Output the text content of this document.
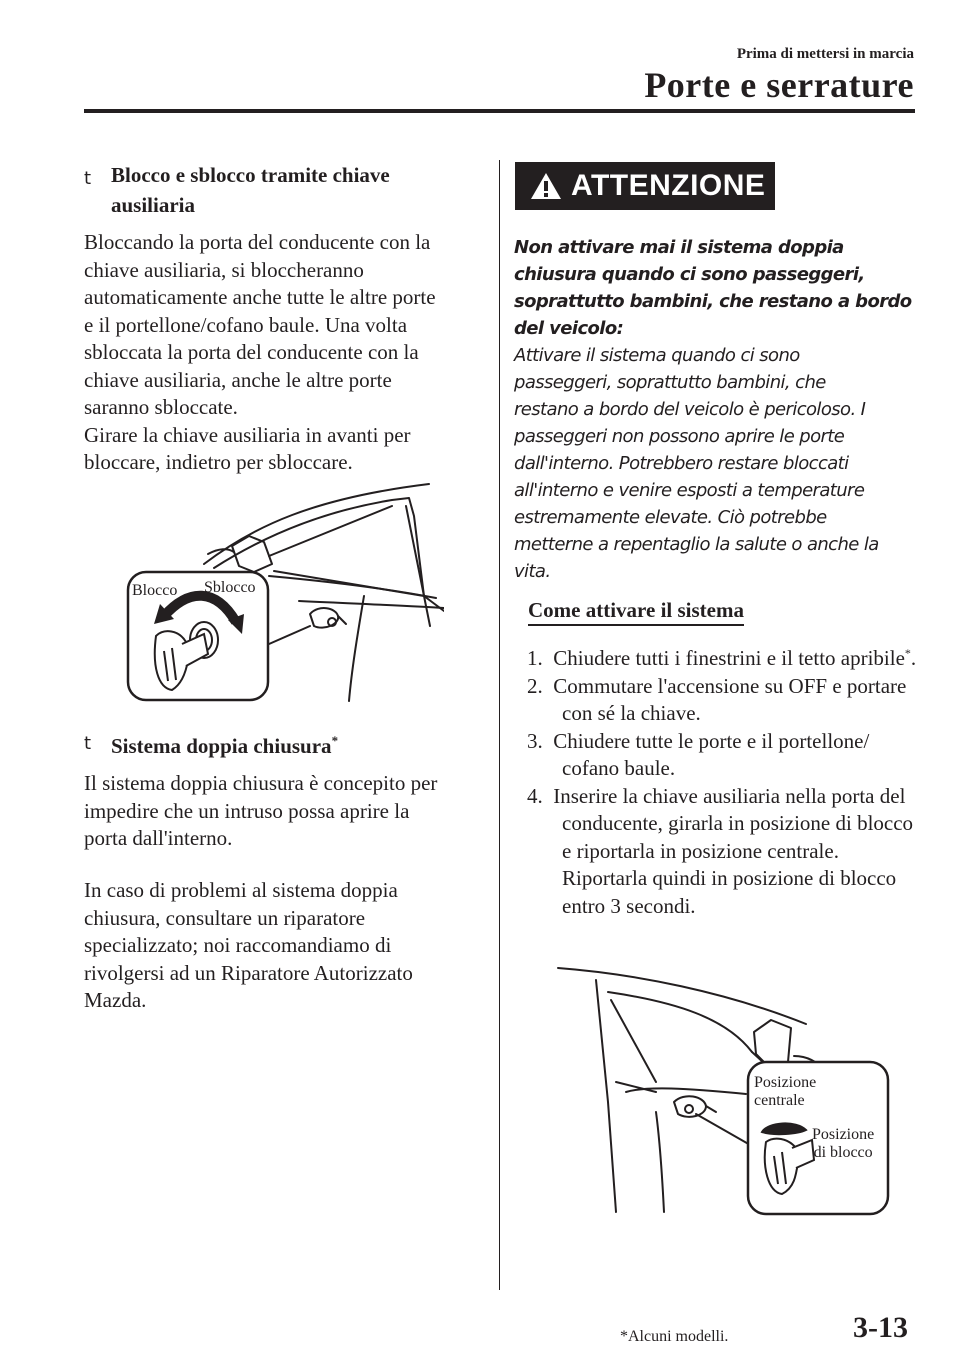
Prima di mettersi in marcia
Porte e serrature
t Blocco e sblocco tramite chiave
ausiliaria
Bloccando la porta del conducente con la
chiave ausiliaria, si bloccheranno
automaticamente anche tutte le altre porte
e il portellone/cofano baule. Una volta
sbloccata la porta del conducente con la
chiave ausiliaria, anche le altre porte
saranno sbloccate.
Girare la chiave ausiliaria in avanti per
bloccare, indietro per sbloccare.
Blocco Sblocco
t Sistema doppia chiusura*
Il sistema doppia chiusura è concepito per
impedire che un intruso possa aprire la
porta dall'interno.
In caso di problemi al sistema doppia
chiusura, consultare un riparatore
specializzato; noi raccomandiamo di
rivolgersi ad un Riparatore Autorizzato
Mazda.
ATTENZIONE
Non attivare mai il sistema doppia
chiusura quando ci sono passeggeri,
soprattutto bambini, che restano a bordo
del veicolo:
Attivare il sistema quando ci sono
passeggeri, soprattutto bambini, che
restano a bordo del veicolo è pericoloso. I
passeggeri non possono aprire le porte
dall'interno. Potrebbero restare bloccati
all'interno e venire esposti a temperature
estremamente elevate. Ciò potrebbe
metterne a repentaglio la salute o anche la
vita.
Come attivare il sistema
1. Chiudere tutti i finestrini e il tetto apribile*.
2. Commutare l'accensione su OFF e portare con sé la chiave.
3. Chiudere tutte le porte e il portellone/ cofano baule.
4. Inserire la chiave ausiliaria nella porta del conducente, girarla in posizione di blocco e riportarla in posizione centrale. Riportarla quindi in posizione di blocco entro 3 secondi.
Posizione
centrale
Posizione
di blocco
*Alcuni modelli.	3-13
